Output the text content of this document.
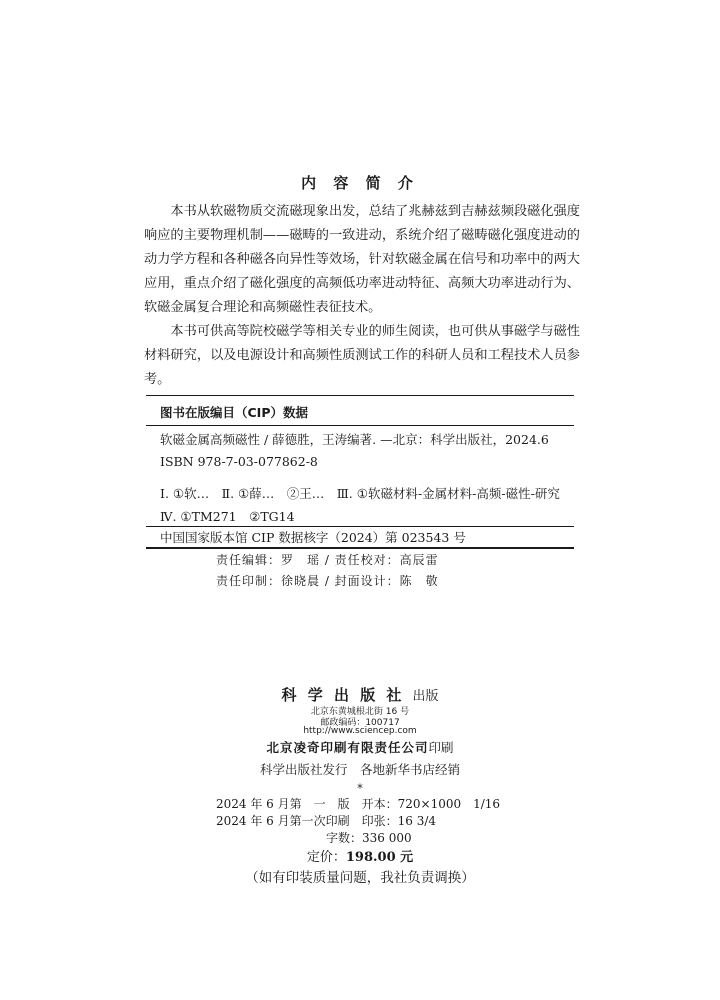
内 容 简 介

本书从软磁物质交流磁现象出发，总结了兆赫兹到吉赫兹频段磁化强度响应的主要物理机制——磁畴的一致进动，系统介绍了磁畴磁化强度进动的动力学方程和各种磁各向异性等效场，针对软磁金属在信号和功率中的两大应用，重点介绍了磁化强度的高频低功率进动特征、高频大功率进动行为、软磁金属复合理论和高频磁性表征技术。

本书可供高等院校磁学等相关专业的师生阅读，也可供从事磁学与磁性材料研究，以及电源设计和高频性质测试工作的科研人员和工程技术人员参考。

图书在版编目（CIP）数据
软磁金属高频磁性 / 薛德胜，王涛编著. —北京：科学出版社，2024.6
ISBN 978-7-03-077862-8
Ⅰ. ①软…　Ⅱ. ①薛…　②王…　Ⅲ. ①软磁材料-金属材料-高频-磁性-研究　Ⅳ. ①TM271　②TG14
中国国家版本馆 CIP 数据核字（2024）第 023543 号
责任编辑：罗　瑶 / 责任校对：高辰雷
责任印制：徐晓晨 / 封面设计：陈　敬
科 学 出 版 社 出版
北京东黄城根北街 16 号
邮政编码：100717
http://www.sciencep.com
北京凌奇印刷有限责任公司印刷
科学出版社发行　各地新华书店经销
*
2024 年 6 月第　一　版　开本：720×1000　1/16
2024 年 6 月第一次印刷　印张：16 3/4
字数：336 000
定价：198.00 元
（如有印装质量问题，我社负责调换）
